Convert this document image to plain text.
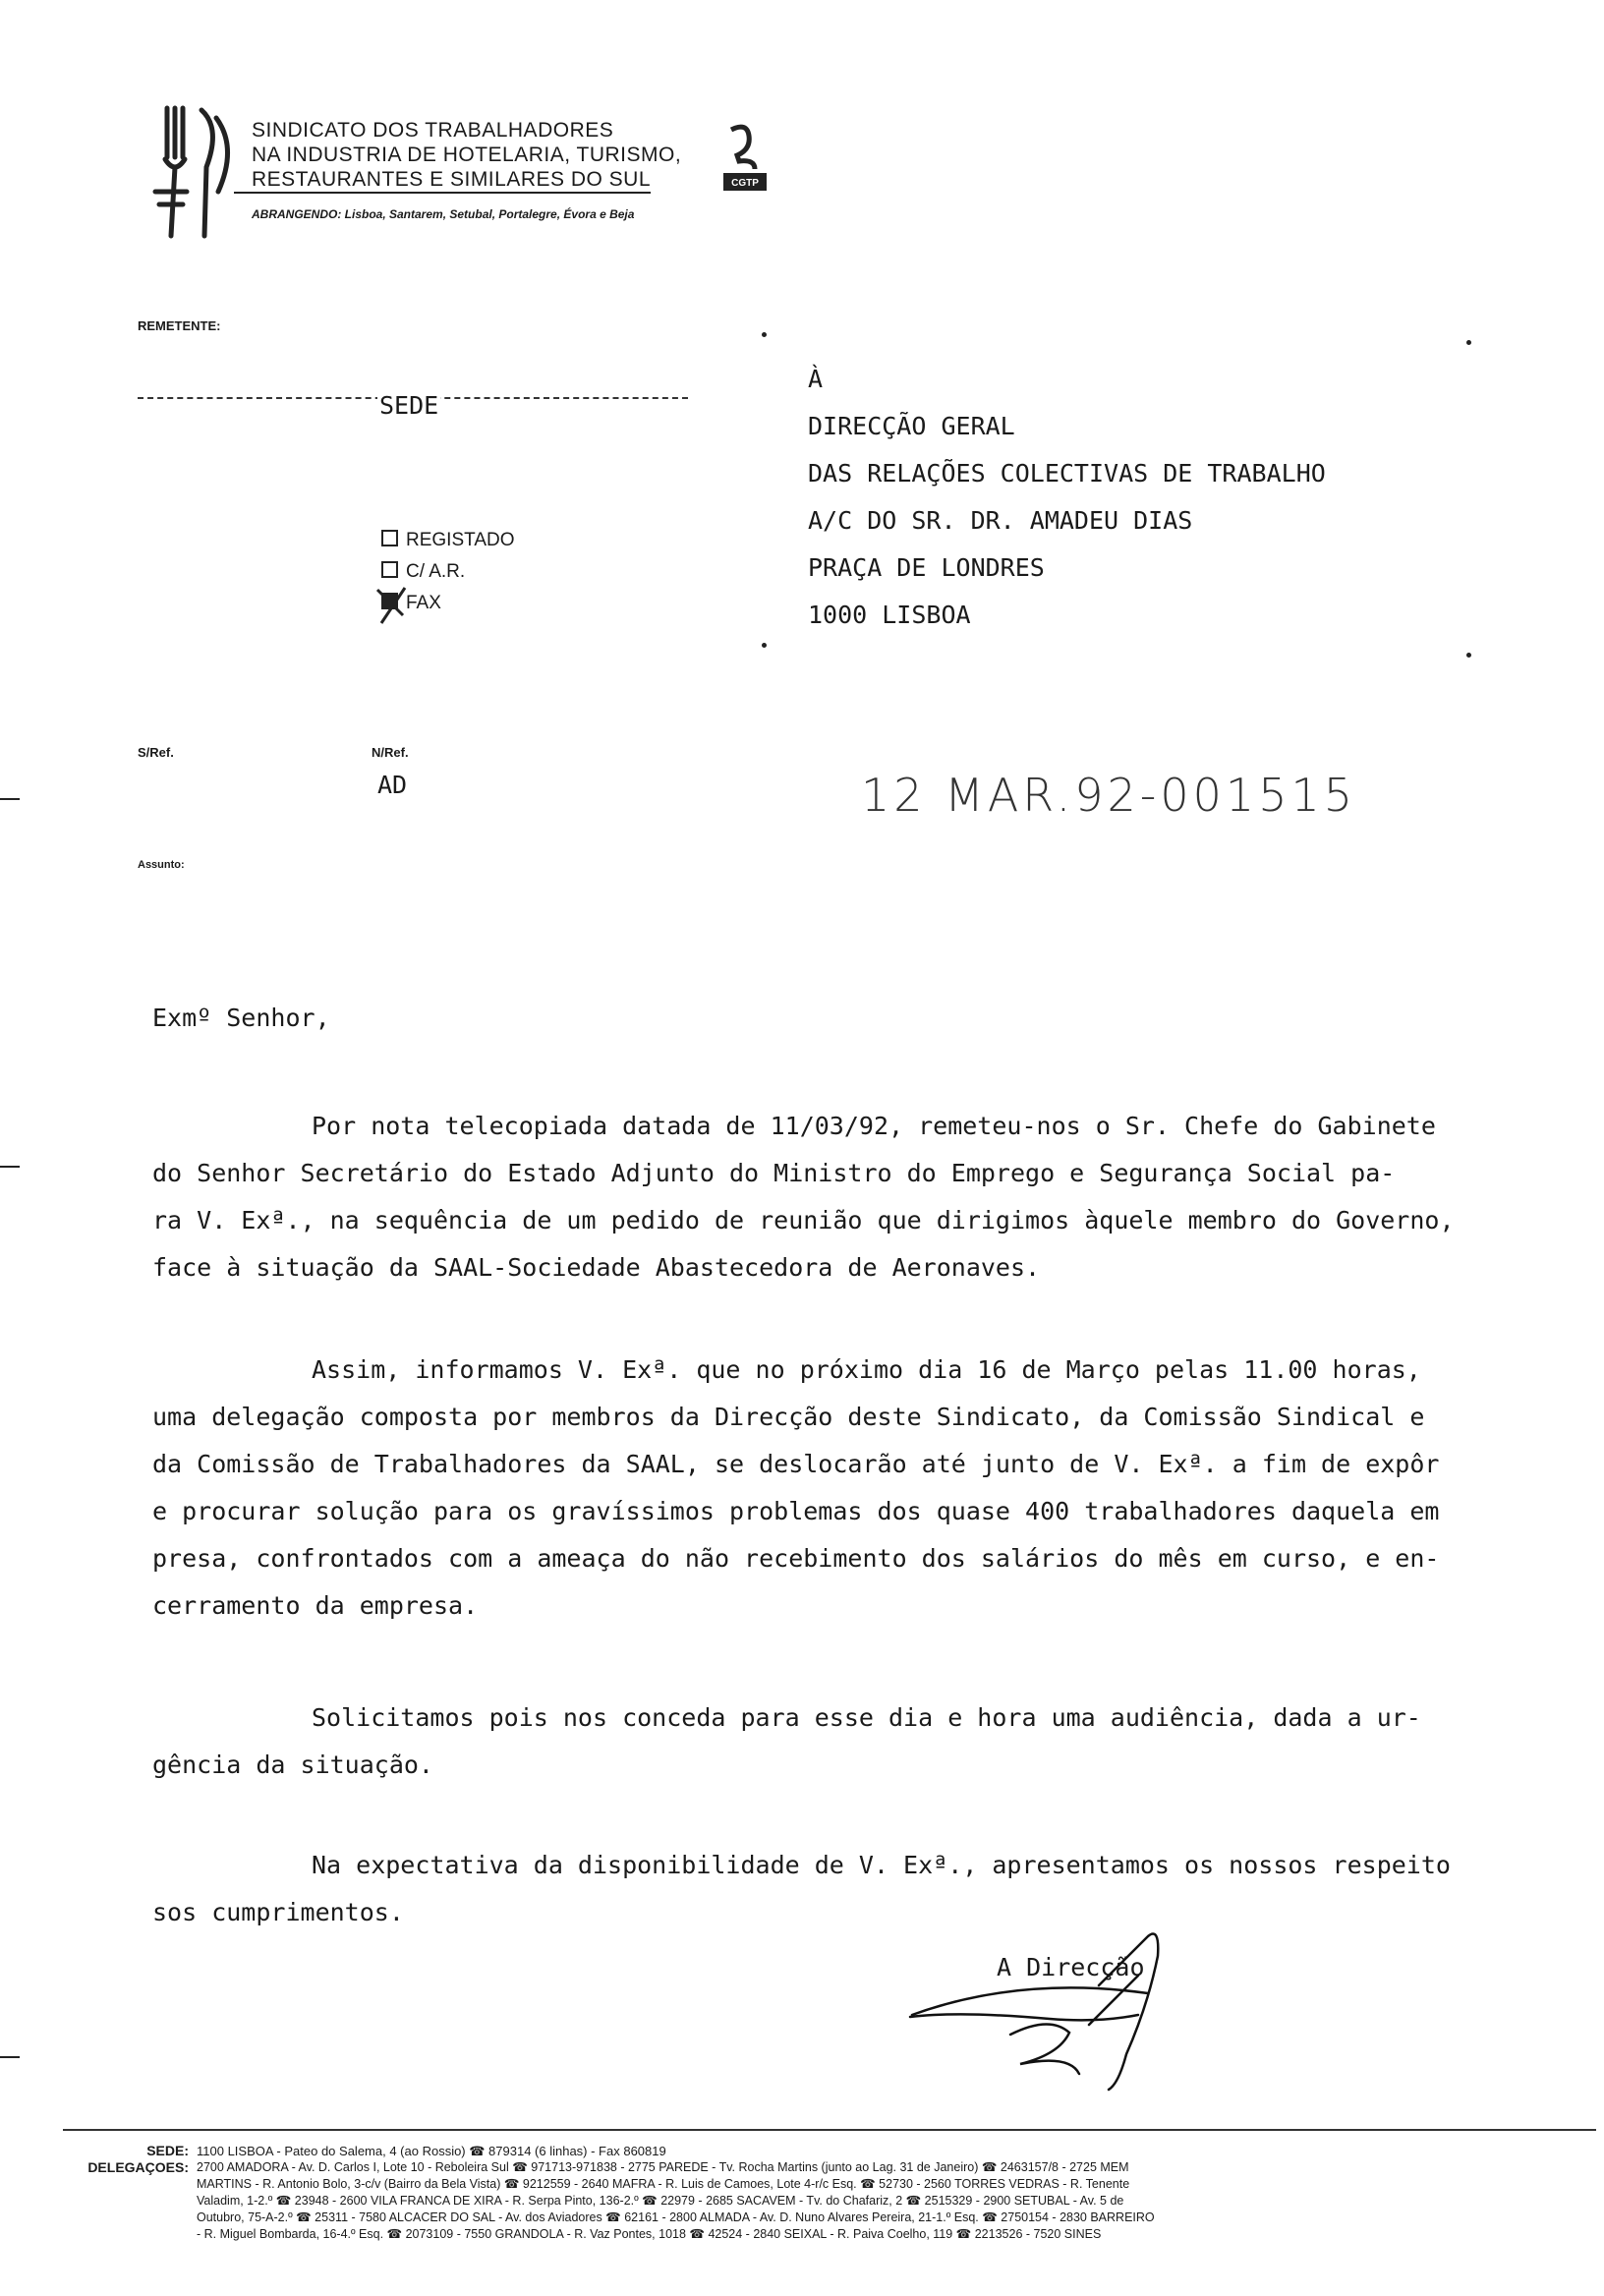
SINDICATO DOS TRABALHADORES
NA INDUSTRIA DE HOTELARIA, TURISMO,
RESTAURANTES E SIMILARES DO SUL
ABRANGENDO: Lisboa, Santarem, Setubal, Portalegre, Évora e Beja
CGTP
REMETENTE:
SEDE
REGISTADO
C/ A.R.
FAX
À
DIRECÇÃO GERAL
DAS RELAÇÕES COLECTIVAS DE TRABALHO
A/C DO SR. DR. AMADEU DIAS
PRAÇA DE LONDRES
1000 LISBOA
S/Ref.	N/Ref.
AD	12 MAR.92-001515
Assunto:
Exmº Senhor,
Por nota telecopiada datada de 11/03/92, remeteu-nos o Sr. Chefe do Gabinete
do Senhor Secretário do Estado Adjunto do Ministro do Emprego e Segurança Social pa-
ra V. Exª., na sequência de um pedido de reunião que dirigimos àquele membro do Governo,
face à situação da SAAL-Sociedade Abastecedora de Aeronaves.
Assim, informamos V. Exª. que no próximo dia 16 de Março pelas 11.00 horas,
uma delegação composta por membros da Direcção deste Sindicato, da Comissão Sindical e
da Comissão de Trabalhadores da SAAL, se deslocarão até junto de V. Exª. a fim de expôr
e procurar solução para os gravíssimos problemas dos quase 400 trabalhadores daquela em
presa, confrontados com a ameaça do não recebimento dos salários do mês em curso, e en-
cerramento da empresa.
Solicitamos pois nos conceda para esse dia e hora uma audiência, dada a ur-
gência da situação.
Na expectativa da disponibilidade de V. Exª., apresentamos os nossos respeito
sos cumprimentos.
A Direcção
SEDE: 1100 LISBOA - Pateo do Salema, 4 (ao Rossio) ☎ 879314 (6 linhas) - Fax 860819
DELEGAÇOES: 2700 AMADORA - Av. D. Carlos I, Lote 10 - Reboleira Sul ☎ 971713-971838 - 2775 PAREDE - Tv. Rocha Martins (junto ao Lag. 31 de Janeiro) ☎ 2463157/8 - 2725 MEM
MARTINS - R. Antonio Bolo, 3-c/v (Bairro da Bela Vista) ☎ 9212559 - 2640 MAFRA - R. Luis de Camoes, Lote 4-r/c Esq. ☎ 52730 - 2560 TORRES VEDRAS - R. Tenente
Valadim, 1-2.º ☎ 23948 - 2600 VILA FRANCA DE XIRA - R. Serpa Pinto, 136-2.º ☎ 22979 - 2685 SACAVEM - Tv. do Chafariz, 2 ☎ 2515329 - 2900 SETUBAL - Av. 5 de
Outubro, 75-A-2.º ☎ 25311 - 7580 ALCACER DO SAL - Av. dos Aviadores ☎ 62161 - 2800 ALMADA - Av. D. Nuno Alvares Pereira, 21-1.º Esq. ☎ 2750154 - 2830 BARREIRO
- R. Miguel Bombarda, 16-4.º Esq. ☎ 2073109 - 7550 GRANDOLA - R. Vaz Pontes, 1018 ☎ 42524 - 2840 SEIXAL - R. Paiva Coelho, 119 ☎ 2213526 - 7520 SINES
